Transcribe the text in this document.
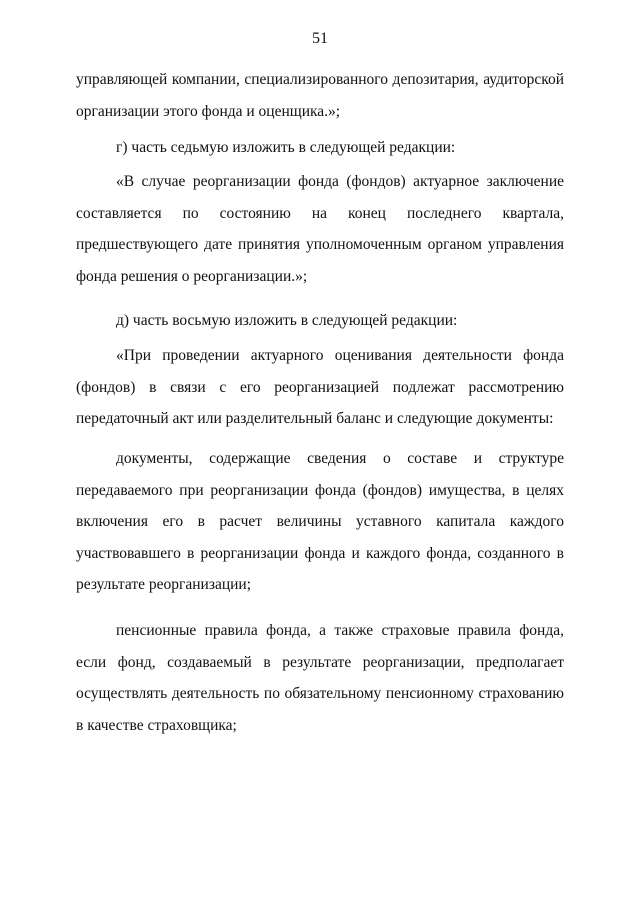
51

управляющей компании, специализированного депозитария, аудиторской организации этого фонда и оценщика.»;

г) часть седьмую изложить в следующей редакции:

«В случае реорганизации фонда (фондов) актуарное заключение составляется по состоянию на конец последнего квартала, предшествующего дате принятия уполномоченным органом управления фонда решения о реорганизации.»;

д) часть восьмую изложить в следующей редакции:

«При проведении актуарного оценивания деятельности фонда (фондов) в связи с его реорганизацией подлежат рассмотрению передаточный акт или разделительный баланс и следующие документы:

документы, содержащие сведения о составе и структуре передаваемого при реорганизации фонда (фондов) имущества, в целях включения его в расчет величины уставного капитала каждого участвовавшего в реорганизации фонда и каждого фонда, созданного в результате реорганизации;

пенсионные правила фонда, а также страховые правила фонда, если фонд, создаваемый в результате реорганизации, предполагает осуществлять деятельность по обязательному пенсионному страхованию в качестве страховщика;
